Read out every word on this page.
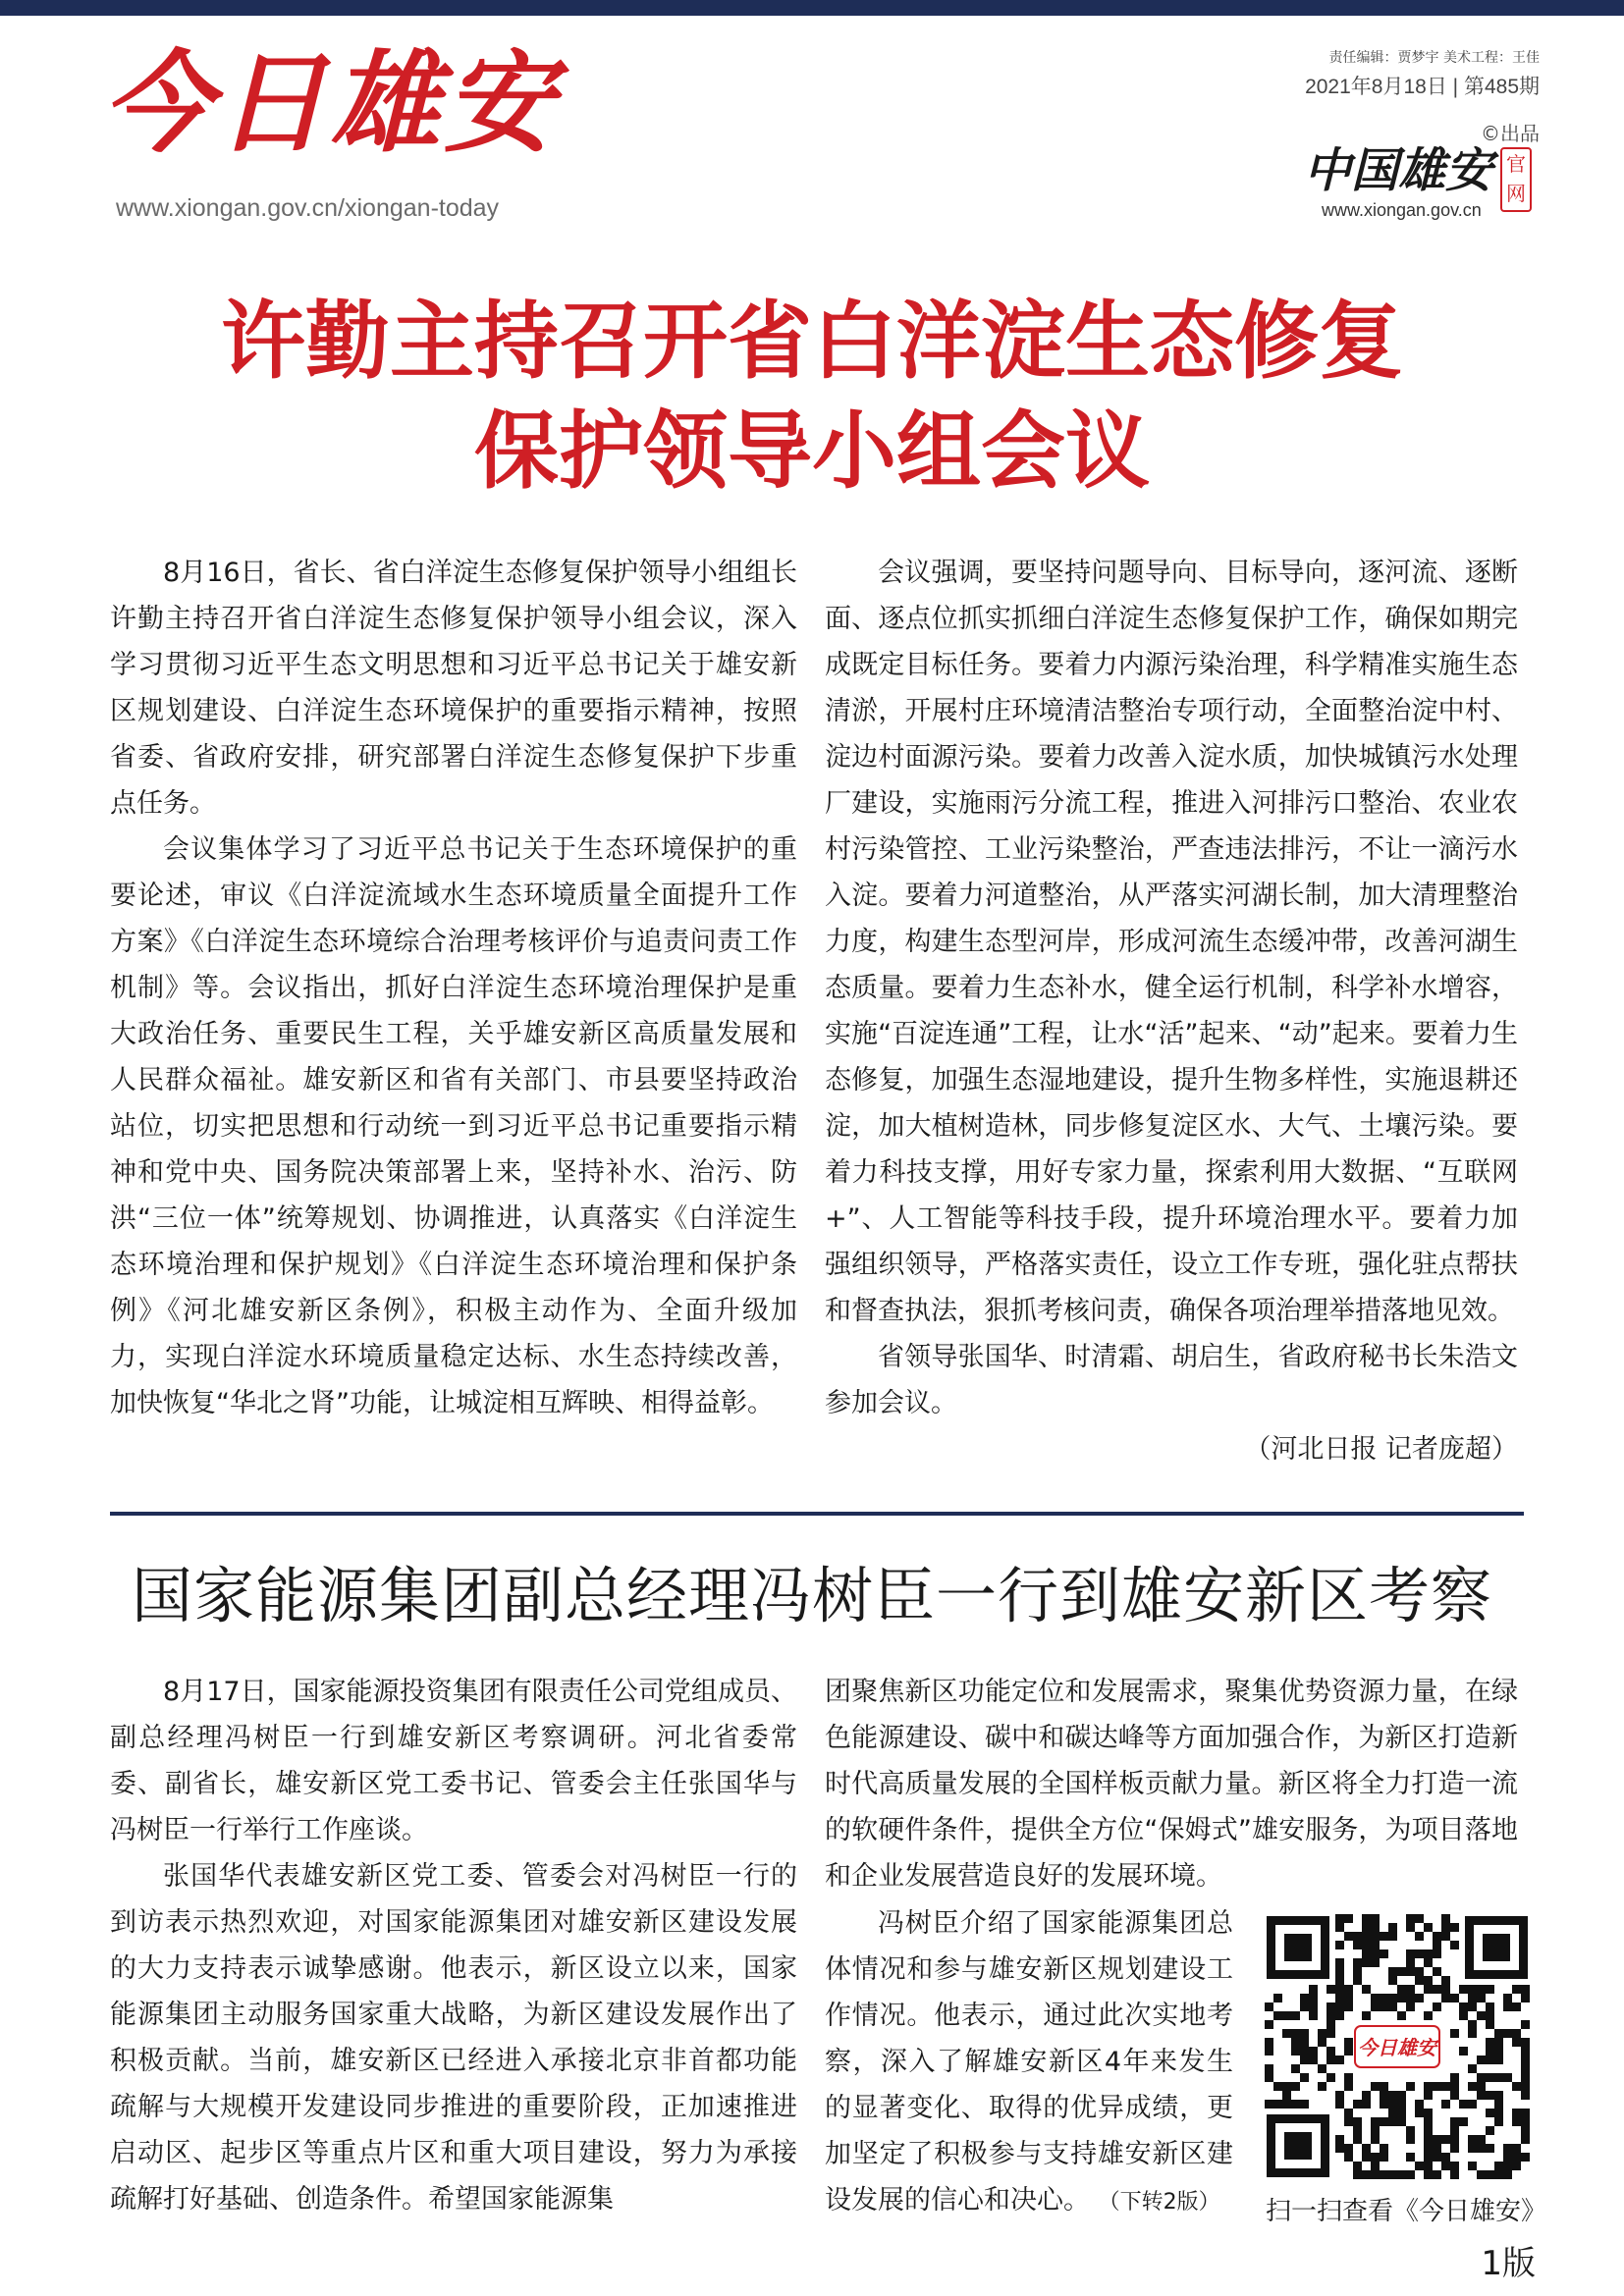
今日雄安
www.xiongan.gov.cn/xiongan-today
责任编辑：贾梦宇 美术工程：王佳
2021年8月18日 | 第485期
©出品
中国雄安 官网
www.xiongan.gov.cn
许勤主持召开省白洋淀生态修复
保护领导小组会议

8月16日，省长、省白洋淀生态修复保护领导小组组长许勤主持召开省白洋淀生态修复保护领导小组会议，深入学习贯彻习近平生态文明思想和习近平总书记关于雄安新区规划建设、白洋淀生态环境保护的重要指示精神，按照省委、省政府安排，研究部署白洋淀生态修复保护下步重点任务。

会议集体学习了习近平总书记关于生态环境保护的重要论述，审议《白洋淀流域水生态环境质量全面提升工作方案》《白洋淀生态环境综合治理考核评价与追责问责工作机制》等。会议指出，抓好白洋淀生态环境治理保护是重大政治任务、重要民生工程，关乎雄安新区高质量发展和人民群众福祉。雄安新区和省有关部门、市县要坚持政治站位，切实把思想和行动统一到习近平总书记重要指示精神和党中央、国务院决策部署上来，坚持补水、治污、防洪“三位一体”统筹规划、协调推进，认真落实《白洋淀生态环境治理和保护规划》《白洋淀生态环境治理和保护条例》《河北雄安新区条例》，积极主动作为、全面升级加力，实现白洋淀水环境质量稳定达标、水生态持续改善，加快恢复“华北之肾”功能，让城淀相互辉映、相得益彰。

会议强调，要坚持问题导向、目标导向，逐河流、逐断面、逐点位抓实抓细白洋淀生态修复保护工作，确保如期完成既定目标任务。要着力内源污染治理，科学精准实施生态清淤，开展村庄环境清洁整治专项行动，全面整治淀中村、淀边村面源污染。要着力改善入淀水质，加快城镇污水处理厂建设，实施雨污分流工程，推进入河排污口整治、农业农村污染管控、工业污染整治，严查违法排污，不让一滴污水入淀。要着力河道整治，从严落实河湖长制，加大清理整治力度，构建生态型河岸，形成河流生态缓冲带，改善河湖生态质量。要着力生态补水，健全运行机制，科学补水增容，实施“百淀连通”工程，让水“活”起来、“动”起来。要着力生态修复，加强生态湿地建设，提升生物多样性，实施退耕还淀，加大植树造林，同步修复淀区水、大气、土壤污染。要着力科技支撑，用好专家力量，探索利用大数据、“互联网+”、人工智能等科技手段，提升环境治理水平。要着力加强组织领导，严格落实责任，设立工作专班，强化驻点帮扶和督查执法，狠抓考核问责，确保各项治理举措落地见效。

省领导张国华、时清霜、胡启生，省政府秘书长朱浩文参加会议。

（河北日报 记者庞超）
国家能源集团副总经理冯树臣一行到雄安新区考察

8月17日，国家能源投资集团有限责任公司党组成员、副总经理冯树臣一行到雄安新区考察调研。河北省委常委、副省长，雄安新区党工委书记、管委会主任张国华与冯树臣一行举行工作座谈。

张国华代表雄安新区党工委、管委会对冯树臣一行的到访表示热烈欢迎，对国家能源集团对雄安新区建设发展的大力支持表示诚挚感谢。他表示，新区设立以来，国家能源集团主动服务国家重大战略，为新区建设发展作出了积极贡献。当前，雄安新区已经进入承接北京非首都功能疏解与大规模开发建设同步推进的重要阶段，正加速推进启动区、起步区等重点片区和重大项目建设，努力为承接疏解打好基础、创造条件。希望国家能源集

团聚焦新区功能定位和发展需求，聚集优势资源力量，在绿色能源建设、碳中和碳达峰等方面加强合作，为新区打造新时代高质量发展的全国样板贡献力量。新区将全力打造一流的软硬件条件，提供全方位“保姆式”雄安服务，为项目落地和企业发展营造良好的发展环境。

冯树臣介绍了国家能源集团总体情况和参与雄安新区规划建设工作情况。他表示，通过此次实地考察，深入了解雄安新区4年来发生的显著变化、取得的优异成绩，更加坚定了积极参与支持雄安新区建设发展的信心和决心。 （下转2版）

今日雄安
扫一扫查看《今日雄安》
1版
